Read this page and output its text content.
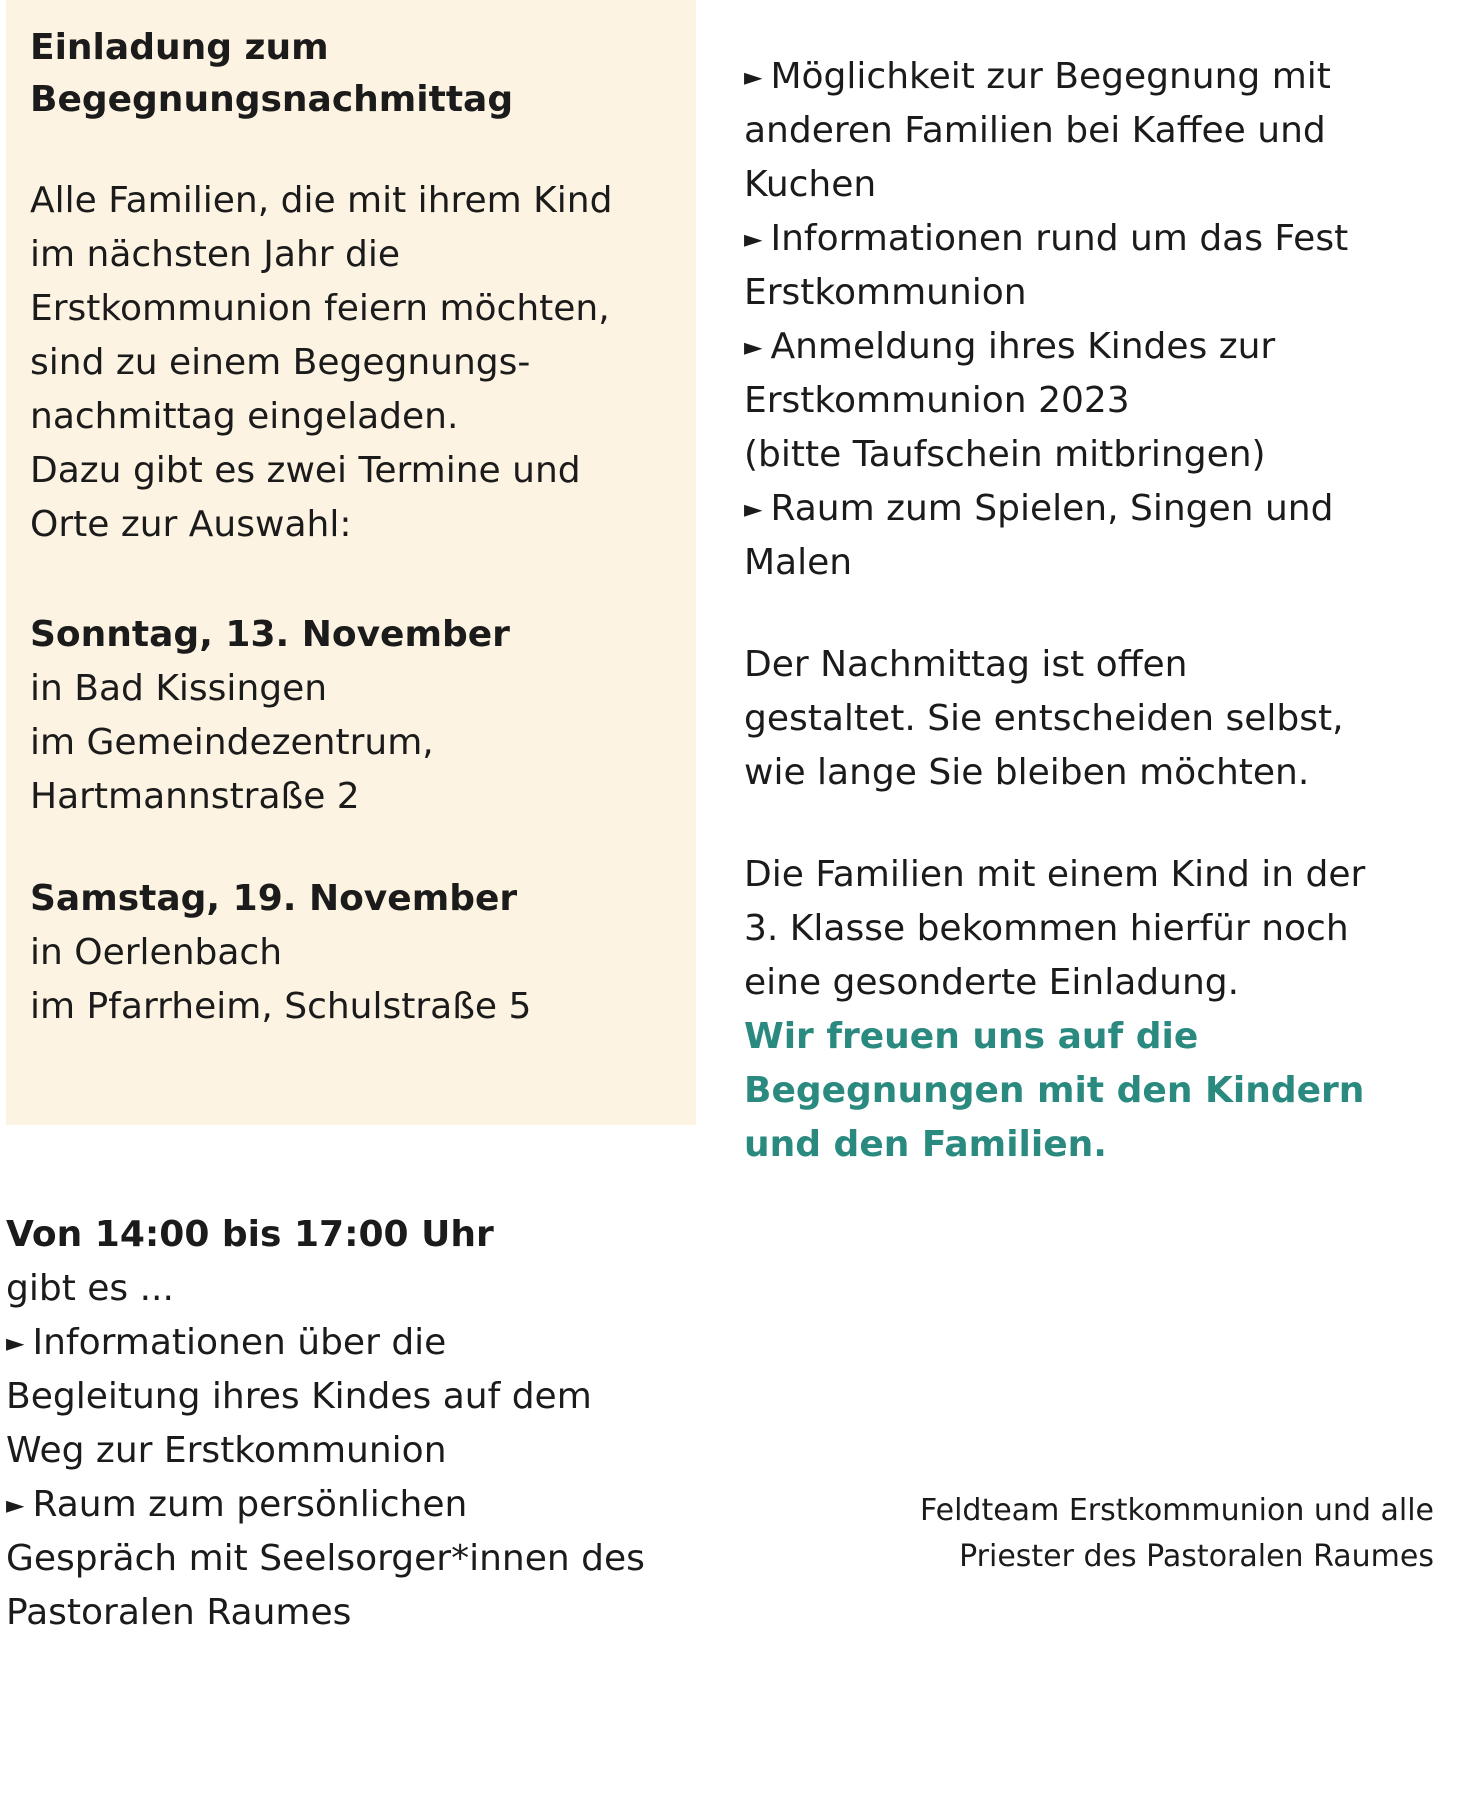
Einladung zum
Begegnungsnachmittag

Alle Familien, die mit ihrem Kind
im nächsten Jahr die
Erstkommunion feiern möchten,
sind zu einem Begegnungs-
nachmittag eingeladen.
Dazu gibt es zwei Termine und
Orte zur Auswahl:

Sonntag, 13. November

in Bad Kissingen
im Gemeindezentrum,
Hartmannstraße 2

Samstag, 19. November

in Oerlenbach
im Pfarrheim, Schulstraße 5

Von 14:00 bis 17:00 Uhr

gibt es ...

► Informationen über die
Begleitung ihres Kindes auf dem
Weg zur Erstkommunion

► Raum zum persönlichen
Gespräch mit Seelsorger*innen des
Pastoralen Raumes

► Möglichkeit zur Begegnung mit
anderen Familien bei Kaffee und
Kuchen

► Informationen rund um das Fest
Erstkommunion

► Anmeldung ihres Kindes zur
Erstkommunion 2023
(bitte Taufschein mitbringen)

► Raum zum Spielen, Singen und
Malen

Der Nachmittag ist offen
gestaltet. Sie entscheiden selbst,
wie lange Sie bleiben möchten.

Die Familien mit einem Kind in der
3. Klasse bekommen hierfür noch
eine gesonderte Einladung.

Wir freuen uns auf die
Begegnungen mit den Kindern
und den Familien.

Feldteam Erstkommunion und alle
Priester des Pastoralen Raumes
